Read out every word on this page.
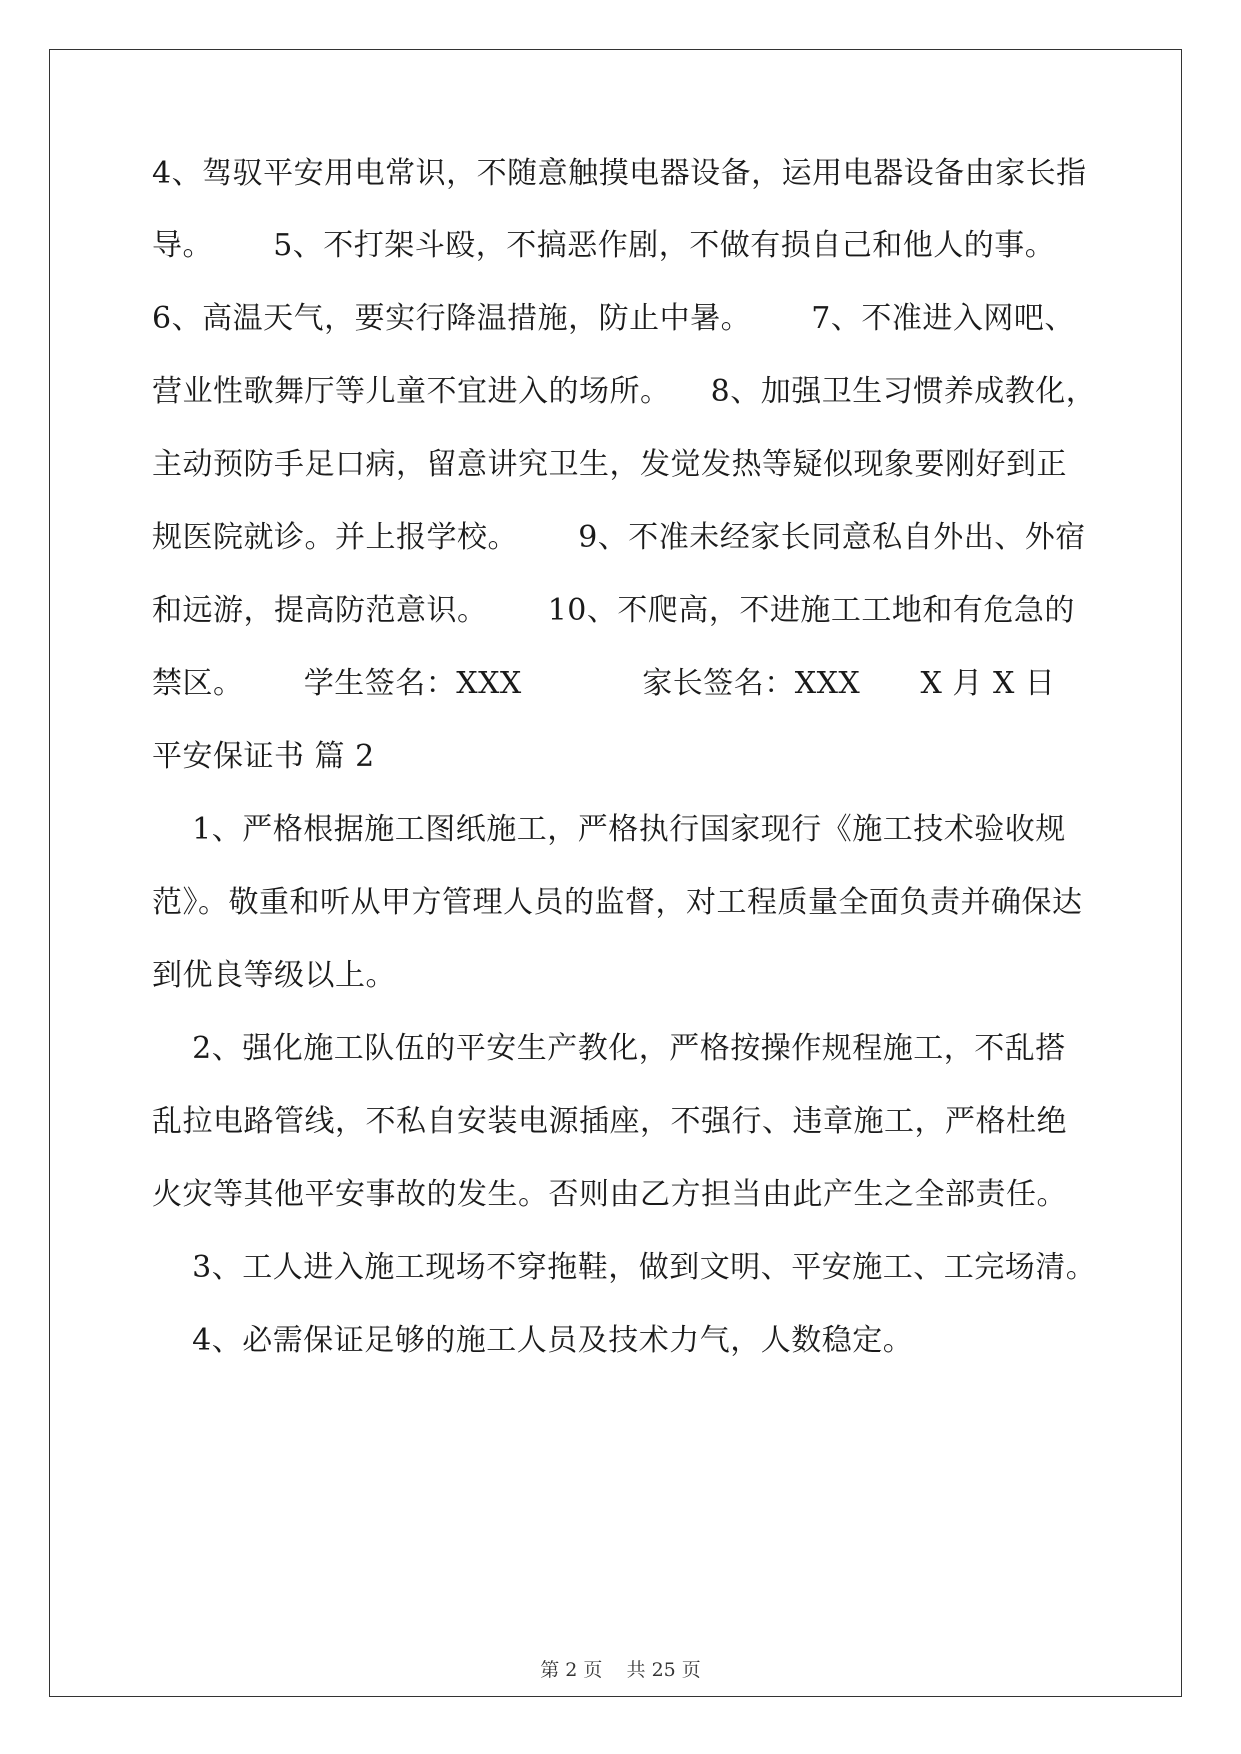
4、驾驭平安用电常识，不随意触摸电器设备，运用电器设备由家长指
导。      5、不打架斗殴，不搞恶作剧，不做有损自己和他人的事。
6、高温天气，要实行降温措施，防止中暑。      7、不准进入网吧、
营业性歌舞厅等儿童不宜进入的场所。    8、加强卫生习惯养成教化，
主动预防手足口病，留意讲究卫生，发觉发热等疑似现象要刚好到正
规医院就诊。并上报学校。      9、不准未经家长同意私自外出、外宿
和远游，提高防范意识。      10、不爬高，不进施工工地和有危急的
禁区。      学生签名：XXX            家长签名：XXX      X 月 X 日
平安保证书 篇 2
1、严格根据施工图纸施工，严格执行国家现行《施工技术验收规
范》。敬重和听从甲方管理人员的监督，对工程质量全面负责并确保达
到优良等级以上。
2、强化施工队伍的平安生产教化，严格按操作规程施工，不乱搭
乱拉电路管线，不私自安装电源插座，不强行、违章施工，严格杜绝
火灾等其他平安事故的发生。否则由乙方担当由此产生之全部责任。
3、工人进入施工现场不穿拖鞋，做到文明、平安施工、工完场清。
4、必需保证足够的施工人员及技术力气，人数稳定。
第 2 页 共 25 页
